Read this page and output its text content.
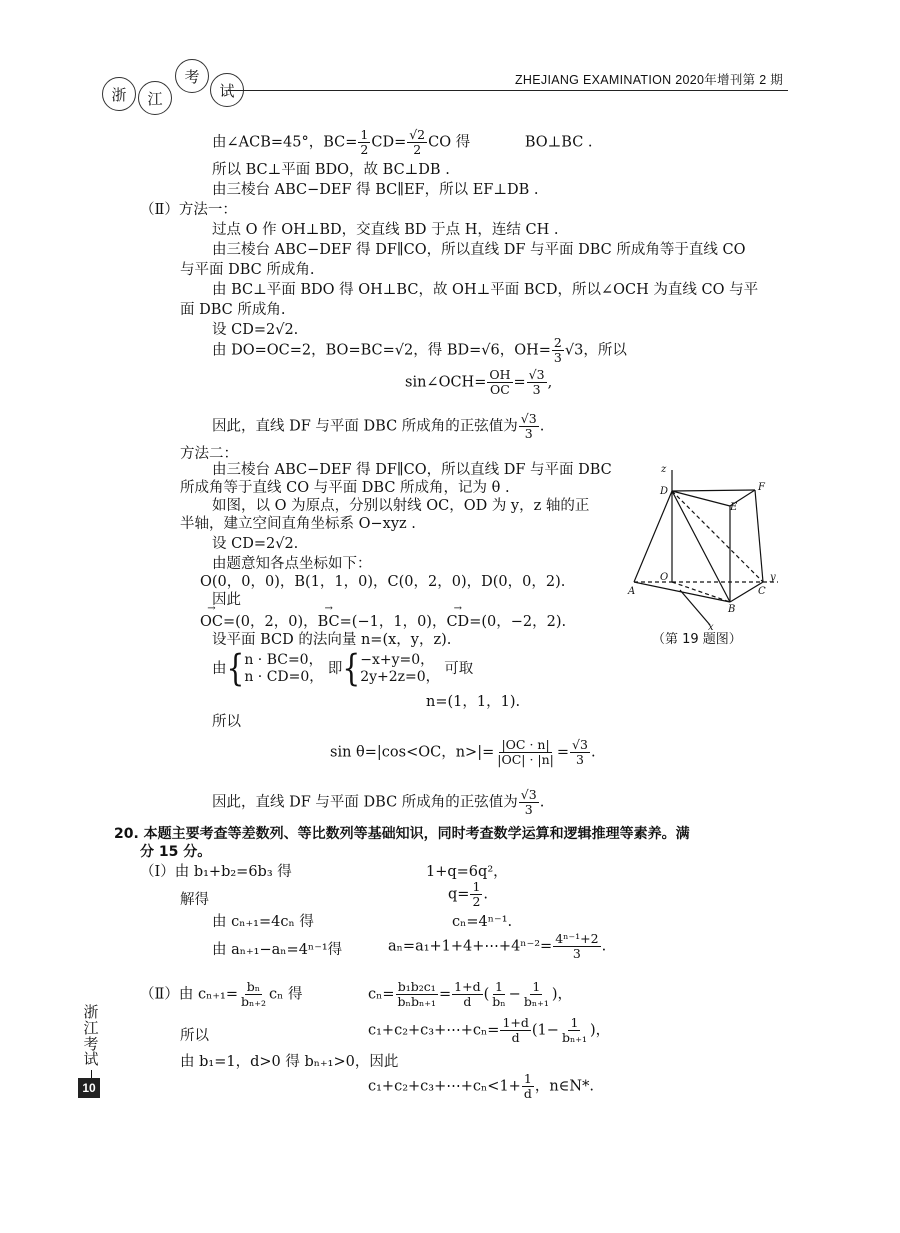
浙	江
考
试
ZHEJIANG EXAMINATION 2020年增刊第 2 期
由∠ACB=45°，$BC= \frac{1}{2} CD= \frac{√2}{2}$ CO 得	BO⊥BC .
所以 BC⊥平面 BDO，故 BC⊥DB .
由三棱台 ABC−DEF 得 BC∥EF，所以 EF⊥DB .
（Ⅱ）方法一：
过点 O 作 OH⊥BD，交直线 BD 于点 H，连结 CH .
由三棱台 ABC−DEF 得 DF∥CO，所以直线 DF 与平面 DBC 所成角等于直线 CO
与平面 DBC 所成角.
由 BC⊥平面 BDO 得 OH⊥BC，故 OH⊥平面 BCD，所以∠OCH 为直线 CO 与平
面 DBC 所成角.
设 CD=2√2.
由 DO=OC=2，BO=BC=√2，得 BD=√6，$OH= \frac{2}{3} √3$，所以
sin∠OCH= $\frac{OH}{OC} = \frac{√3}{3}$ ,
因此，直线 DF 与平面 DBC 所成角的正弦值为 $\frac{√3}{3}$ .
方法二：
由三棱台 ABC−DEF 得 DF∥CO，所以直线 DF 与平面 DBC
所成角等于直线 CO 与平面 DBC 所成角，记为 θ .
如图，以 O 为原点，分别以射线 OC，OD 为 y，z 轴的正
半轴，建立空间直角坐标系 O−xyz .
设 CD=2√2.
由题意知各点坐标如下：
O(0，0，0)，B(1，1，0)，C(0，2，0)，D(0，0，2).
因此
→ OC=(0，2，0)，→ BC=(−1，1，0)，→ CD=(0，−2，2).
设平面 BCD 的法向量 n=(x，y，z).
由{ n · BC=0，
n · CD=0， 即{ −x+y=0，
2y+2z=0， 可取
n=(1，1，1).
所以
sin θ=|cos<OC，$n>|= \frac{|OC \cdot n|}{|OC| \cdot |n|} = \frac{√3}{3}$ .
因此，直线 DF 与平面 DBC 所成角的正弦值为 $\frac{√3}{3}$ .
z
D	F
E
O	y
A
B
C
x
（第 19 题图）
20. 本题主要考查等差数列、等比数列等基础知识，同时考查数学运算和逻辑推理等素养。满
分 15 分。
（Ⅰ）由 b₁+b₂=6b₃ 得	1+q=6q²，
解得	$q= \frac{1}{2}$ .
由 cₙ₊₁=4cₙ 得	cₙ=4ⁿ⁻¹.
由 aₙ₊₁−aₙ=4ⁿ⁻¹得	aₙ=a₁+1+4+⋯+4ⁿ⁻²= $\frac{\text{4ⁿ⁻¹+2}}{3}$ .
（Ⅱ）由 $c_{n+1}= \frac{\text{bₙ}}{\text{bₙ₊₂}}$ cₙ 得	$c_n= \frac{\text{b₁b₂c₁}}{\text{bₙbₙ₊₁}} = \frac{1+d}{d}$ ( $\frac{1}{\text{bₙ}} - \frac{1}{\text{bₙ₊₁}}$ )，
所以	c₁+c₂+c₃+⋯+cₙ= $\frac{1+d}{d} (1- \frac{1}{\text{bₙ₊₁}}$ )，
由 b₁=1，d>0 得 bₙ₊₁>0，因此
c₁+c₂+c₃+⋯+cₙ<1+ $\frac{1}{d}$ ，n∈N*.
浙
江
考
试
10
